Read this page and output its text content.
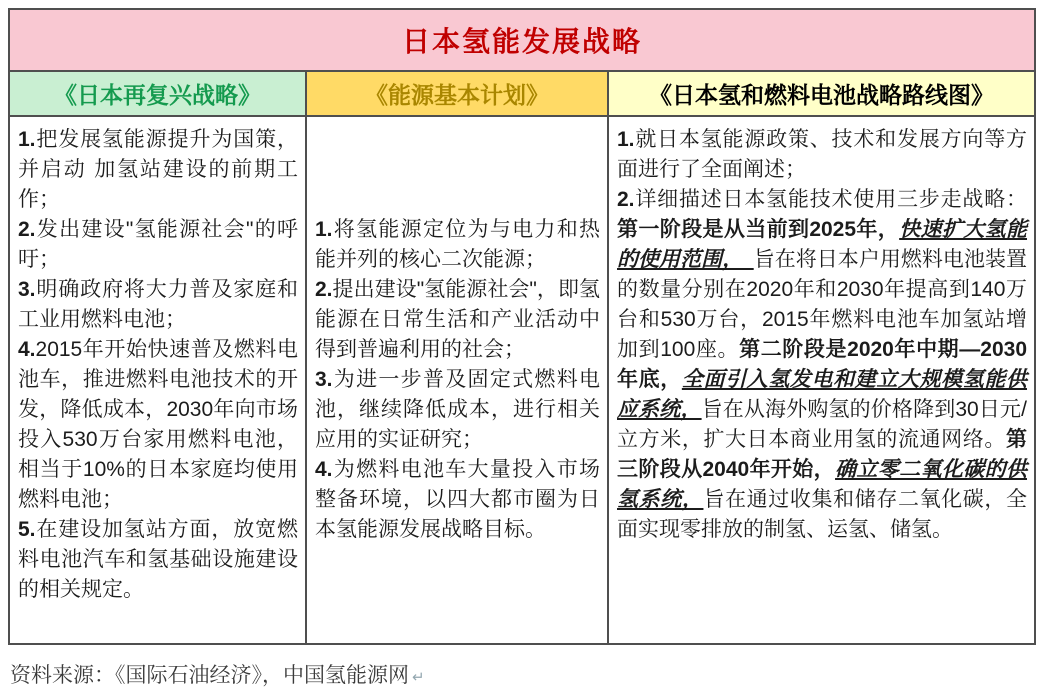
日本氢能发展战略
《日本再复兴战略》	《能源基本计划》	《日本氢和燃料电池战略路线图》

1.把发展氢能源提升为国策，并启动 加氢站建设的前期工作；

2.发出建设"氢能源社会"的呼吁；

3.明确政府将大力普及家庭和工业用燃料电池；

4.2015年开始快速普及燃料电池车，推进燃料电池技术的开发，降低成本，2030年向市场投入530万台家用燃料电池，相当于10%的日本家庭均使用燃料电池；

5.在建设加氢站方面，放宽燃料电池汽车和氢基础设施建设的相关规定。

1.将氢能源定位为与电力和热能并列的核心二次能源；

2.提出建设"氢能源社会"，即氢能源在日常生活和产业活动中得到普遍利用的社会；

3.为进一步普及固定式燃料电池，继续降低成本，进行相关应用的实证研究；

4.为燃料电池车大量投入市场整备环境，以四大都市圈为日本氢能源发展战略目标。

1.就日本氢能源政策、技术和发展方向等方面进行了全面阐述；

2.详细描述日本氢能技术使用三步走战略：第一阶段是从当前到2025年，快速扩大氢能的使用范围，　旨在将日本户用燃料电池装置的数量分别在2020年和2030年提高到140万台和530万台，2015年燃料电池车加氢站增加到100座。第二阶段是2020年中期—2030年底，全面引入氢发电和建立大规模氢能供应系统，旨在从海外购氢的价格降到30日元/立方米，扩大日本商业用氢的流通网络。第三阶段从2040年开始，确立零二氧化碳的供氢系统，旨在通过收集和储存二氧化碳，全面实现零排放的制氢、运氢、储氢。

资料来源：《国际石油经济》，中国氢能源网 ↵
